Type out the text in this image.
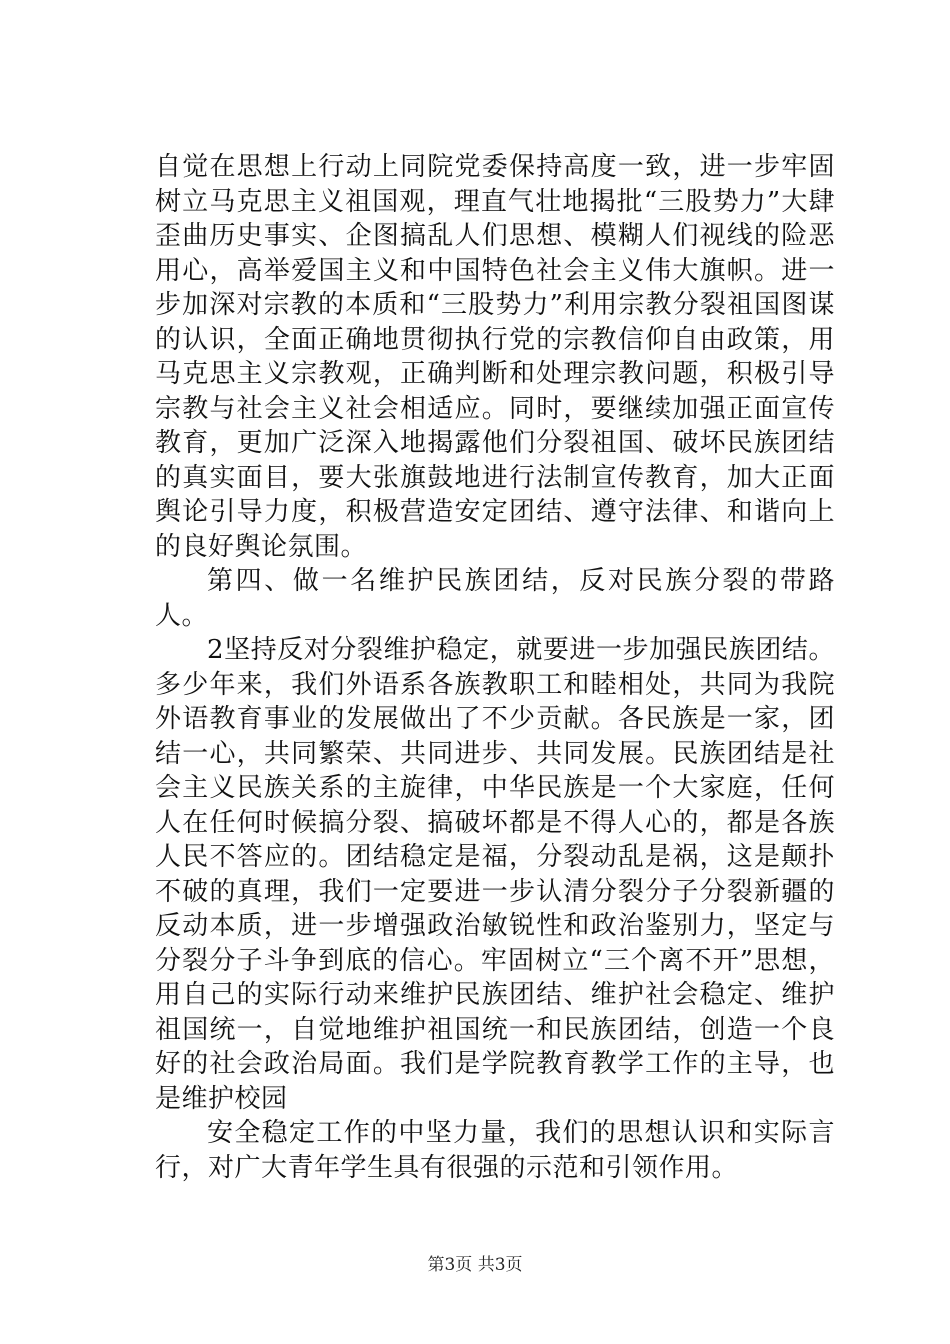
自觉在思想上行动上同院党委保持高度一致，进一步牢固树立马克思主义祖国观，理直气壮地揭批“三股势力”大肆歪曲历史事实、企图搞乱人们思想、模糊人们视线的险恶用心，高举爱国主义和中国特色社会主义伟大旗帜。进一步加深对宗教的本质和“三股势力”利用宗教分裂祖国图谋的认识，全面正确地贯彻执行党的宗教信仰自由政策，用马克思主义宗教观，正确判断和处理宗教问题，积极引导宗教与社会主义社会相适应。同时，要继续加强正面宣传教育，更加广泛深入地揭露他们分裂祖国、破坏民族团结的真实面目，要大张旗鼓地进行法制宣传教育，加大正面舆论引导力度，积极营造安定团结、遵守法律、和谐向上的良好舆论氛围。

第四、做一名维护民族团结，反对民族分裂的带路人。

2坚持反对分裂维护稳定，就要进一步加强民族团结。多少年来，我们外语系各族教职工和睦相处，共同为我院外语教育事业的发展做出了不少贡献。各民族是一家，团结一心，共同繁荣、共同进步、共同发展。民族团结是社会主义民族关系的主旋律，中华民族是一个大家庭，任何人在任何时候搞分裂、搞破坏都是不得人心的，都是各族人民不答应的。团结稳定是福，分裂动乱是祸，这是颠扑不破的真理，我们一定要进一步认清分裂分子分裂新疆的反动本质，进一步增强政治敏锐性和政治鉴别力，坚定与分裂分子斗争到底的信心。牢固树立“三个离不开”思想，用自己的实际行动来维护民族团结、维护社会稳定、维护祖国统一，自觉地维护祖国统一和民族团结，创造一个良好的社会政治局面。我们是学院教育教学工作的主导，也是维护校园

安全稳定工作的中坚力量，我们的思想认识和实际言行，对广大青年学生具有很强的示范和引领作用。

第3页 共3页
